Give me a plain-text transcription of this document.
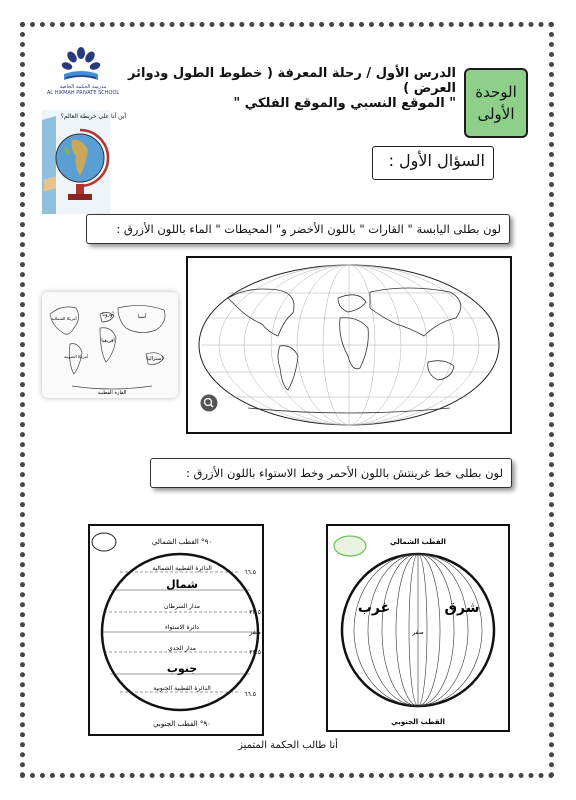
مدرسة الحكمة الخاصة
AL HIKMAH PRIVATE SCHOOL
الدرس الأول / رحلة المعرفة ( خطوط الطول ودوائر العرض )
" الموقع النسبي والموقع الفلكي "
الوحدة
الأولى
أين أنا على خريطة العالم؟
السؤال الأول :
لون بطلى اليابسة " القارات " باللون الأخضر و" المحيطات " الماء باللون الأزرق :
أوروبا	آسيا
أفريقيا
أمريكا الشمالية
أمريكا الجنوبية	أستراليا
القارة القطبية
لون بطلى خط غرينتش باللون الأحمر وخط الاستواء باللون الأزرق :
٩٠° القطب الشمالي
٩٠° القطب الجنوبي
الدائرة القطبية الشمالية
شمال
مدار السرطان
دائرة الاستواء
مدار الجدي
جنوب
الدائرة القطبية الجنوبية
٦٦.٥
٢٣.٥
صفر
٢٣.٥
٦٦.٥
القطب الشمالي
القطب الجنوبي
شرق
غرب
صفر
أنا طالب الحكمة المتميز
